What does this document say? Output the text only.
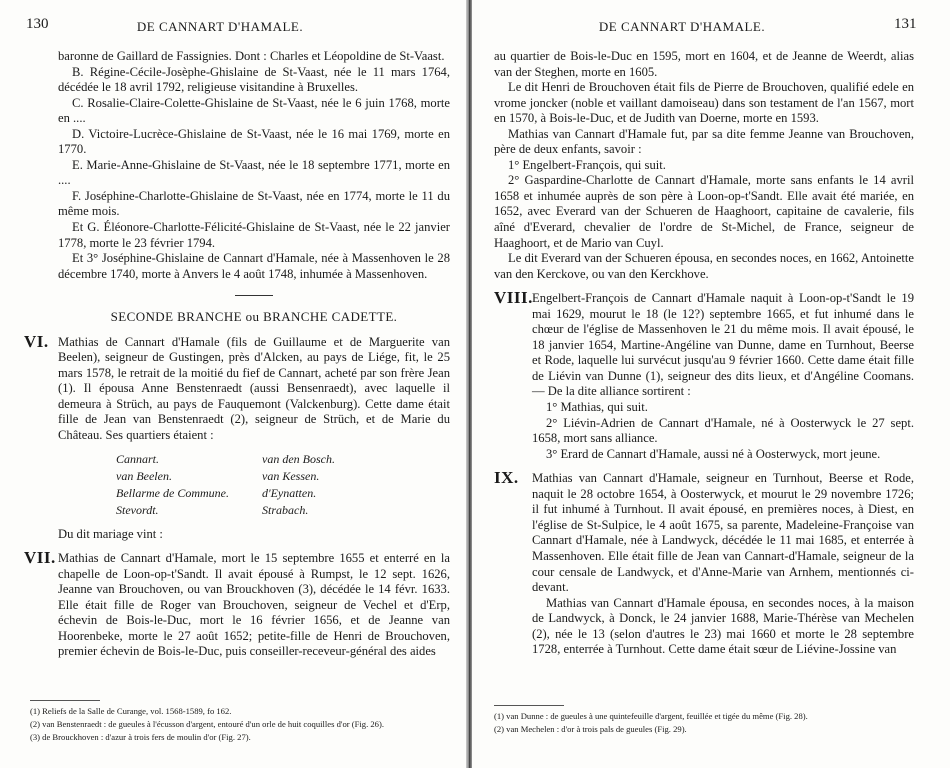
130	DE CANNART D'HAMALE.

baronne de Gaillard de Fassignies. Dont : Charles et Léopoldine de St-Vaast.

B. Régine-Cécile-Josèphe-Ghislaine de St-Vaast, née le 11 mars 1764, décédée le 18 avril 1792, religieuse visitandine à Bruxelles.

C. Rosalie-Claire-Colette-Ghislaine de St-Vaast, née le 6 juin 1768, morte en ....

D. Victoire-Lucrèce-Ghislaine de St-Vaast, née le 16 mai 1769, morte en 1770.

E. Marie-Anne-Ghislaine de St-Vaast, née le 18 septembre 1771, morte en ....

F. Joséphine-Charlotte-Ghislaine de St-Vaast, née en 1774, morte le 11 du même mois.

Et G. Éléonore-Charlotte-Félicité-Ghislaine de St-Vaast, née le 22 janvier 1778, morte le 23 février 1794.

Et 3° Joséphine-Ghislaine de Cannart d'Hamale, née à Massenhoven le 28 décembre 1740, morte à Anvers le 4 août 1748, inhumée à Massenhoven.

SECONDE BRANCHE ou BRANCHE CADETTE.

VI. Mathias de Cannart d'Hamale (fils de Guillaume et de Marguerite van Beelen), seigneur de Gustingen, près d'Alcken, au pays de Liége, fit, le 25 mars 1578, le retrait de la moitié du fief de Cannart, acheté par son frère Jean (1). Il épousa Anne Benstenraedt (aussi Bensenraedt), avec laquelle il demeura à Strüch, au pays de Fauquemont (Valckenburg). Cette dame était fille de Jean van Benstenraedt (2), seigneur de Strüch, et de Marie du Château. Ses quartiers étaient :

Cannart.	van den Bosch.
van Beelen.	van Kessen.
Bellarme de Commune.	d'Eynatten.
Stevordt.	Strabach.

Du dit mariage vint :

VII. Mathias de Cannart d'Hamale, mort le 15 septembre 1655 et enterré en la chapelle de Loon-op-t'Sandt. Il avait épousé à Rumpst, le 12 sept. 1626, Jeanne van Brouchoven, ou van Brouckhoven (3), décédée le 14 févr. 1633. Elle était fille de Roger van Brouchoven, seigneur de Vechel et d'Erp, échevin de Bois-le-Duc, mort le 16 février 1656, et de Jeanne van Hoorenbeke, morte le 27 août 1652; petite-fille de Henri de Brouchoven, premier échevin de Bois-le-Duc, puis conseiller-receveur-général des aides

(1) Reliefs de la Salle de Curange, vol. 1568-1589, fo 162.
(2) van Benstenraedt : de gueules à l'écusson d'argent, entouré d'un orle de huit coquilles d'or (Fig. 26).
(3) de Brouckhoven : d'azur à trois fers de moulin d'or (Fig. 27).
DE CANNART D'HAMALE.	131

au quartier de Bois-le-Duc en 1595, mort en 1604, et de Jeanne de Weerdt, alias van der Steghen, morte en 1605.

Le dit Henri de Brouchoven était fils de Pierre de Brouchoven, qualifié edele en vrome joncker (noble et vaillant damoiseau) dans son testament de l'an 1567, mort en 1570, à Bois-le-Duc, et de Judith van Doerne, morte en 1593.

Mathias van Cannart d'Hamale fut, par sa dite femme Jeanne van Brouchoven, père de deux enfants, savoir :

1° Engelbert-François, qui suit.

2° Gaspardine-Charlotte de Cannart d'Hamale, morte sans enfants le 14 avril 1658 et inhumée auprès de son père à Loon-op-t'Sandt. Elle avait été mariée, en 1652, avec Everard van der Schueren de Haaghoort, capitaine de cavalerie, fils aîné d'Everard, chevalier de l'ordre de St-Michel, de France, seigneur de Haaghoort, et de Mario van Cuyl.

Le dit Everard van der Schueren épousa, en secondes noces, en 1662, Antoinette van den Kerckove, ou van den Kerckhove.

VIII. Engelbert-François de Cannart d'Hamale naquit à Loon-op-t'Sandt le 19 mai 1629, mourut le 18 (le 12?) septembre 1665, et fut inhumé dans le chœur de l'église de Massenhoven le 21 du même mois. Il avait épousé, le 18 janvier 1654, Martine-Angéline van Dunne, dame en Turnhout, Beerse et Rode, laquelle lui survécut jusqu'au 9 février 1660. Cette dame était fille de Liévin van Dunne (1), seigneur des dits lieux, et d'Angéline Coomans. — De la dite alliance sortirent :

1° Mathias, qui suit.

2° Liévin-Adrien de Cannart d'Hamale, né à Oosterwyck le 27 sept. 1658, mort sans alliance.

3° Erard de Cannart d'Hamale, aussi né à Oosterwyck, mort jeune.

IX. Mathias van Cannart d'Hamale, seigneur en Turnhout, Beerse et Rode, naquit le 28 octobre 1654, à Oosterwyck, et mourut le 29 novembre 1726; il fut inhumé à Turnhout. Il avait épousé, en premières noces, à Diest, en l'église de St-Sulpice, le 4 août 1675, sa parente, Madeleine-Françoise van Cannart d'Hamale, née à Landwyck, décédée le 11 mai 1685, et enterrée à Massenhoven. Elle était fille de Jean van Cannart-d'Hamale, seigneur de la cour censale de Landwyck, et d'Anne-Marie van Arnhem, mentionnés ci-devant.

Mathias van Cannart d'Hamale épousa, en secondes noces, à la maison de Landwyck, à Donck, le 24 janvier 1688, Marie-Thérèse van Mechelen (2), née le 13 (selon d'autres le 23) mai 1660 et morte le 28 septembre 1728, enterrée à Turnhout. Cette dame était sœur de Liévine-Jossine van

(1) van Dunne : de gueules à une quintefeuille d'argent, feuillée et tigée du même (Fig. 28).
(2) van Mechelen : d'or à trois pals de gueules (Fig. 29).
